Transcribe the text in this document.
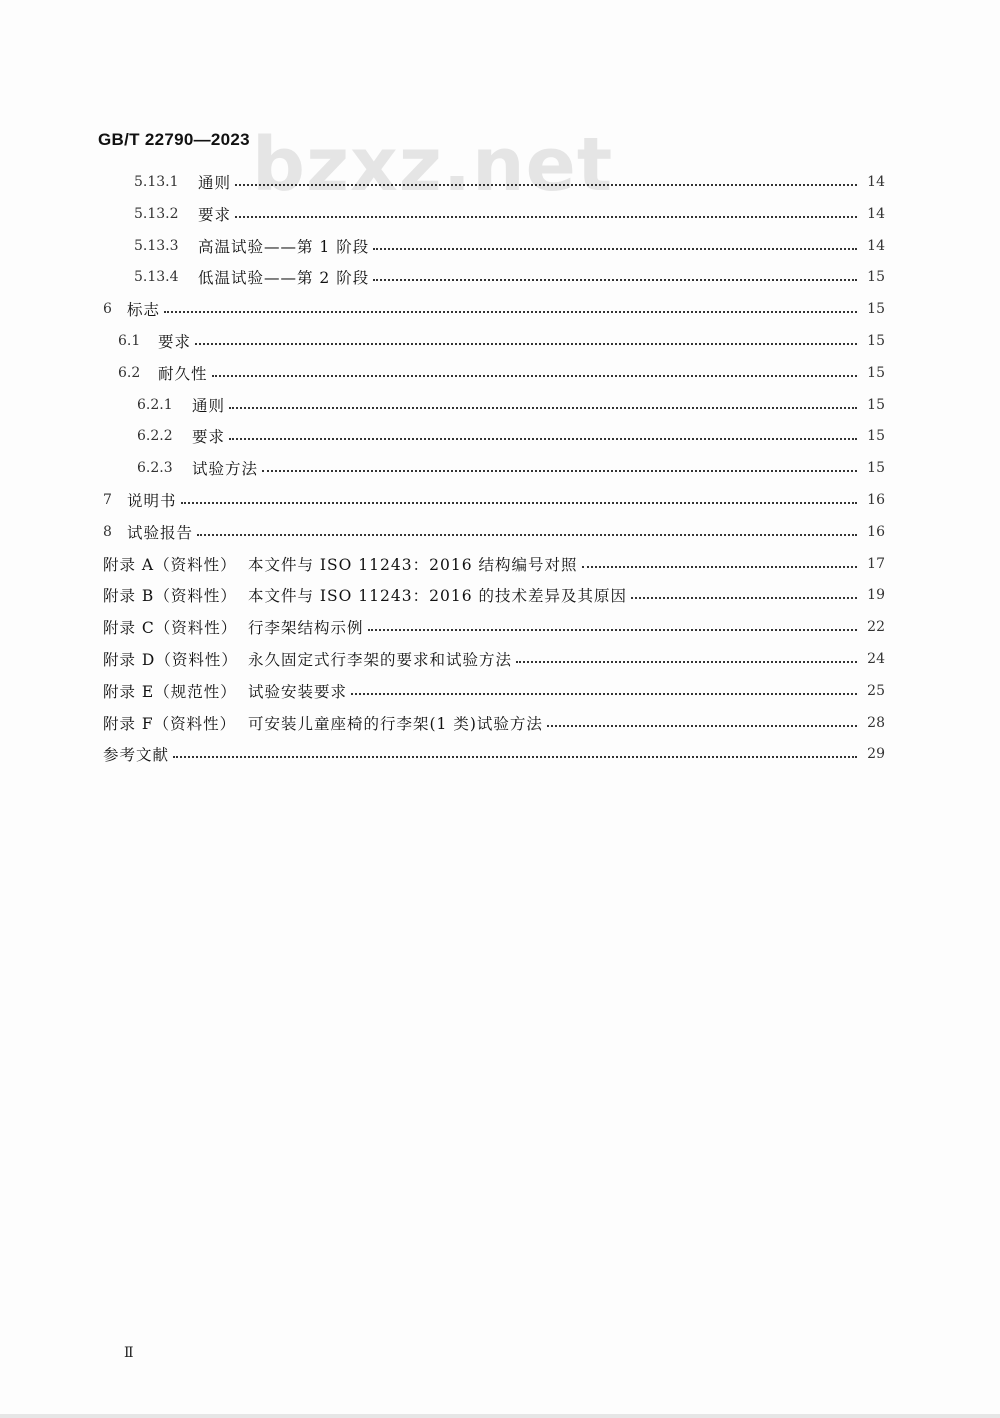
bzxz.net
GB/T 22790—2023
5.13.1	通则	14
5.13.2	要求	14
5.13.3	高温试验——第 1 阶段	14
5.13.4	低温试验——第 2 阶段	15
6 标志	15
6.1	要求	15
6.2	耐久性	15
6.2.1	通则	15
6.2.2	要求	15
6.2.3	试验方法	15
7 说明书	16
8 试验报告	16
附录 A（资料性） 本文件与 ISO 11243：2016 结构编号对照	17
附录 B（资料性） 本文件与 ISO 11243：2016 的技术差异及其原因	19
附录 C（资料性） 行李架结构示例	22
附录 D（资料性） 永久固定式行李架的要求和试验方法	24
附录 E（规范性） 试验安装要求	25
附录 F（资料性） 可安装儿童座椅的行李架(1 类)试验方法	28
参考文献	29
Ⅱ
